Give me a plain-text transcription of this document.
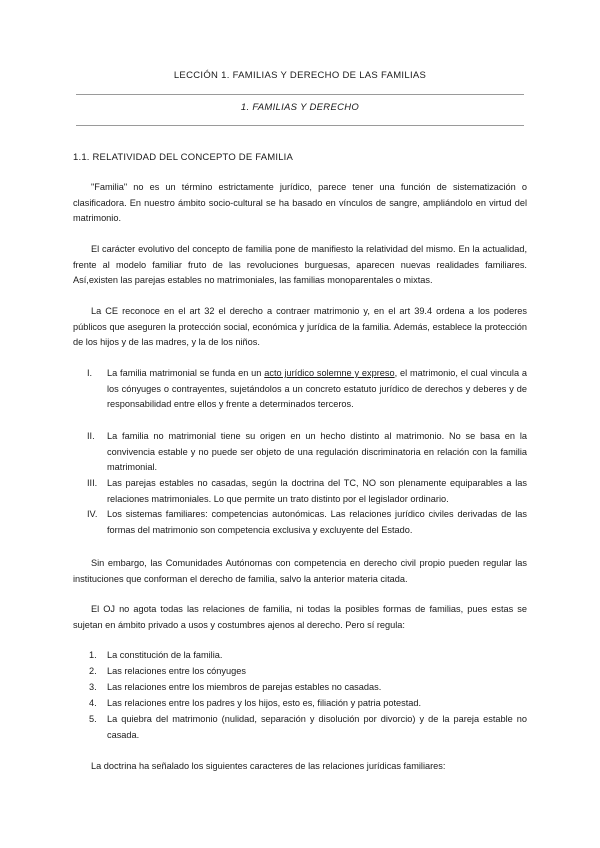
LECCIÓN 1. FAMILIAS Y DERECHO DE LAS FAMILIAS
1. FAMILIAS Y DERECHO
1.1. RELATIVIDAD DEL CONCEPTO DE FAMILIA

"Familia" no es un término estrictamente jurídico, parece tener una función de sistematización o clasificadora. En nuestro ámbito socio-cultural se ha basado en vínculos de sangre, ampliándolo en virtud del matrimonio.

El carácter evolutivo del concepto de familia pone de manifiesto la relatividad del mismo. En la actualidad, frente al modelo familiar fruto de las revoluciones burguesas, aparecen nuevas realidades familiares. Así,existen las parejas estables no matrimoniales, las familias monoparentales o mixtas.

La CE reconoce en el art 32 el derecho a contraer matrimonio y, en el art 39.4 ordena a los poderes públicos que aseguren la protección social, económica y jurídica de la familia. Además, establece la protección de los hijos y de las madres, y la de los niños.

I. La familia matrimonial se funda en un acto jurídico solemne y expreso, el matrimonio, el cual vincula a los cónyuges o contrayentes, sujetándolos a un concreto estatuto jurídico de derechos y deberes y de responsabilidad entre ellos y frente a determinados terceros.
II. La familia no matrimonial tiene su origen en un hecho distinto al matrimonio. No se basa en la convivencia estable y no puede ser objeto de una regulación discriminatoria en relación con la familia matrimonial.
III. Las parejas estables no casadas, según la doctrina del TC, NO son plenamente equiparables a las relaciones matrimoniales. Lo que permite un trato distinto por el legislador ordinario.
IV. Los sistemas familiares: competencias autonómicas. Las relaciones jurídico civiles derivadas de las formas del matrimonio son competencia exclusiva y excluyente del Estado.

Sin embargo, las Comunidades Autónomas con competencia en derecho civil propio pueden regular las instituciones que conforman el derecho de familia, salvo la anterior materia citada.

El OJ no agota todas las relaciones de familia, ni todas la posibles formas de familias, pues estas se sujetan en ámbito privado a usos y costumbres ajenos al derecho. Pero sí regula:

1. La constitución de la familia.
2. Las relaciones entre los cónyuges
3. Las relaciones entre los miembros de parejas estables no casadas.
4. Las relaciones entre los padres y los hijos, esto es, filiación y patria potestad.
5. La quiebra del matrimonio (nulidad, separación y disolución por divorcio) y de la pareja estable no casada.

La doctrina ha señalado los siguientes caracteres de las relaciones jurídicas familiares:
